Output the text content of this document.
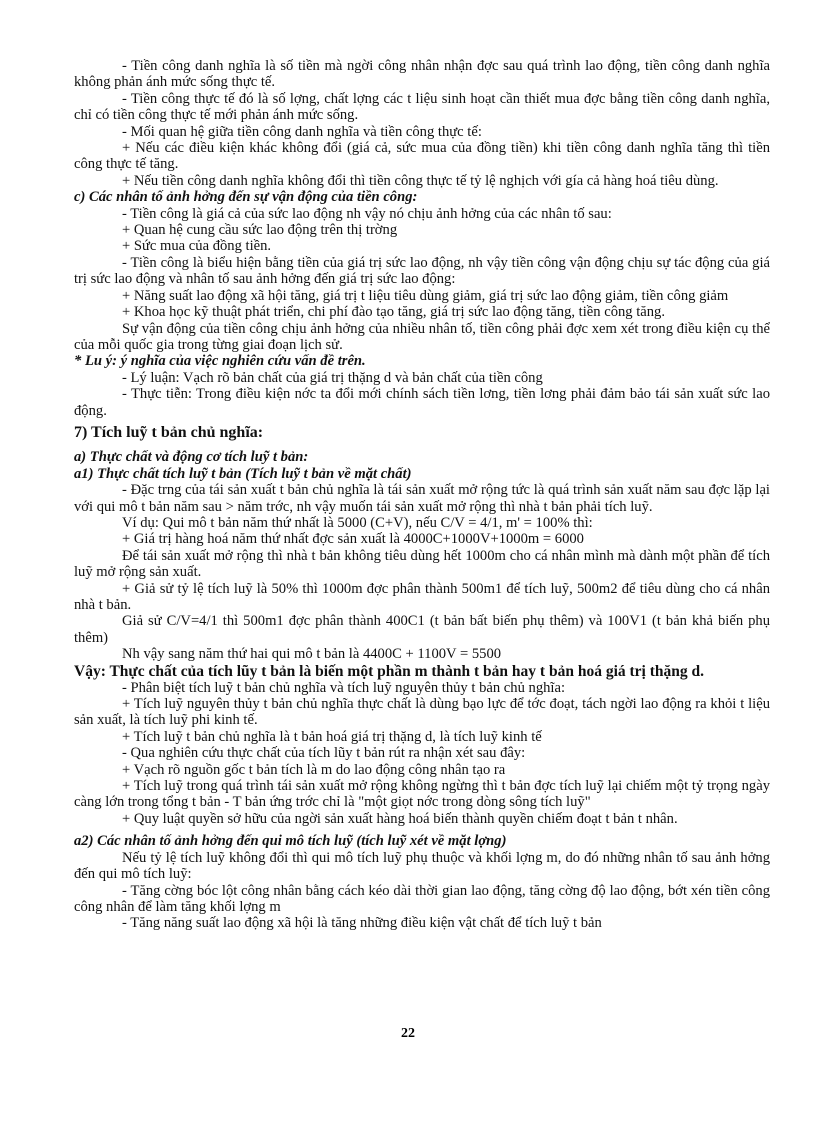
- Tiền công danh nghĩa là số tiền mà ngời công nhân nhận đợc sau quá trình lao động, tiền công danh nghĩa không phản ánh mức sống thực tế.

- Tiền công thực tế đó là số lợng, chất lợng các t liệu sinh hoạt cần thiết mua đợc bằng tiền công danh nghĩa, chỉ có tiền công thực tế mới phản ánh mức sống.

- Mối quan hệ giữa tiền công danh nghĩa và tiền công thực tế:

+ Nếu các điều kiện khác không đổi (giá cả, sức mua của đồng tiền) khi tiền công danh nghĩa tăng thì tiền công thực tế tăng.

+ Nếu tiền công danh nghĩa không đổi thì tiền công thực tế tỷ lệ nghịch với gía cả hàng hoá tiêu dùng.

c) Các nhân tố ảnh hởng đến sự vận động của tiền công:

- Tiền công là giá cả của sức lao động nh vậy nó chịu ảnh hởng của các nhân tố sau:

+ Quan hệ cung cầu sức lao động trên thị trờng

+ Sức mua của đồng tiền.

- Tiền công là biểu hiện bằng tiền của giá trị sức lao động, nh vậy tiền công vận động chịu sự tác động của giá trị sức lao động và nhân tố sau ảnh hởng đến giá trị sức lao động:

+ Năng suất lao động xã hội tăng, giá trị t liệu tiêu dùng giảm, giá trị sức lao động giảm, tiền công giảm

+ Khoa học kỹ thuật phát triển, chi phí đào tạo tăng, giá trị sức lao động tăng, tiền công tăng.

Sự vận động của tiền công chịu ảnh hởng của nhiều nhân tố, tiền công phải đợc xem xét trong điều kiện cụ thể của mỗi quốc gia trong từng giai đoạn lịch sử.

* Lu ý: ý nghĩa của việc nghiên cứu vấn đề trên.

- Lý luận: Vạch rõ bản chất của giá trị thặng d và bản chất của tiền công

- Thực tiễn: Trong điều kiện nớc ta đổi mới chính sách tiền lơng, tiền lơng phải đảm bảo tái sản xuất sức lao động.

7) Tích luỹ t bản chủ nghĩa:

a) Thực chất và động cơ tích luỹ t bản:

a1) Thực chất tích luỹ t bản (Tích luỹ t bản về mặt chất)

- Đặc trng của tái sản xuất t bản chủ nghĩa là tái sản xuất mở rộng tức là quá trình sản xuất năm sau đợc lặp lại với qui mô t bản năm sau > năm trớc, nh vậy muốn tái sản xuất mở rộng thì nhà t bản phải tích luỹ.

Ví dụ: Qui mô t bản năm thứ nhất là 5000 (C+V), nếu C/V = 4/1, m' = 100% thì:

+ Giá trị hàng hoá năm thứ nhất đợc sản xuất là 4000C+1000V+1000m = 6000

Để tái sản xuất mở rộng thì nhà t bản không tiêu dùng hết 1000m cho cá nhân mình mà dành một phần để tích luỹ mở rộng sản xuất.

+ Giả sử tỷ lệ tích luỹ là 50% thì 1000m đợc phân thành 500m1 để tích luỹ, 500m2 để tiêu dùng cho cá nhân nhà t bản.

Giả sử C/V=4/1 thì 500m1 đợc phân thành 400C1 (t bản bất biến phụ thêm) và 100V1 (t bản khả biến phụ thêm)

Nh vậy sang năm thứ hai qui mô t bản là 4400C + 1100V = 5500

Vậy: Thực chất của tích lũy t bản là biến một phần m thành t bản hay t bản hoá giá trị thặng d.

- Phân biệt tích luỹ t bản chủ nghĩa và tích luỹ nguyên thủy t bản chủ nghĩa:

+ Tích luỹ nguyên thủy t bản chủ nghĩa thực chất là dùng bạo lực để tớc đoạt, tách ngời lao động ra khỏi t liệu sản xuất, là tích luỹ phi kinh tế.

+ Tích luỹ t bản chủ nghĩa là t bản hoá giá trị thặng d, là tích luỹ kinh tế

- Qua nghiên cứu thực chất của tích lũy t bản rút ra nhận xét sau đây:

+ Vạch rõ nguồn gốc t bản tích là m do lao động công nhân tạo ra

+ Tích luỹ trong quá trình tái sản xuất mở rộng không ngừng thì t bản đợc tích luỹ lại chiếm một tỷ trọng ngày càng lớn trong tổng t bản - T bản ứng trớc chỉ là "một giọt nớc trong dòng sông tích luỹ"

+ Quy luật quyền sở hữu của ngời sản xuất hàng hoá biến thành quyền chiếm đoạt t bản t nhân.

a2) Các nhân tố ảnh hởng đến qui mô tích luỹ (tích luỹ xét về mặt lợng)

Nếu tỷ lệ tích luỹ không đổi thì qui mô tích luỹ phụ thuộc và khối lợng m, do đó những nhân tố sau ảnh hởng đến qui mô tích luỹ:

- Tăng cờng bóc lột công nhân bằng cách kéo dài thời gian lao động, tăng cờng độ lao động, bớt xén tiền công công nhân để làm tăng khối lợng m

- Tăng năng suất lao động xã hội là tăng những điều kiện vật chất để tích luỹ t bản

22
